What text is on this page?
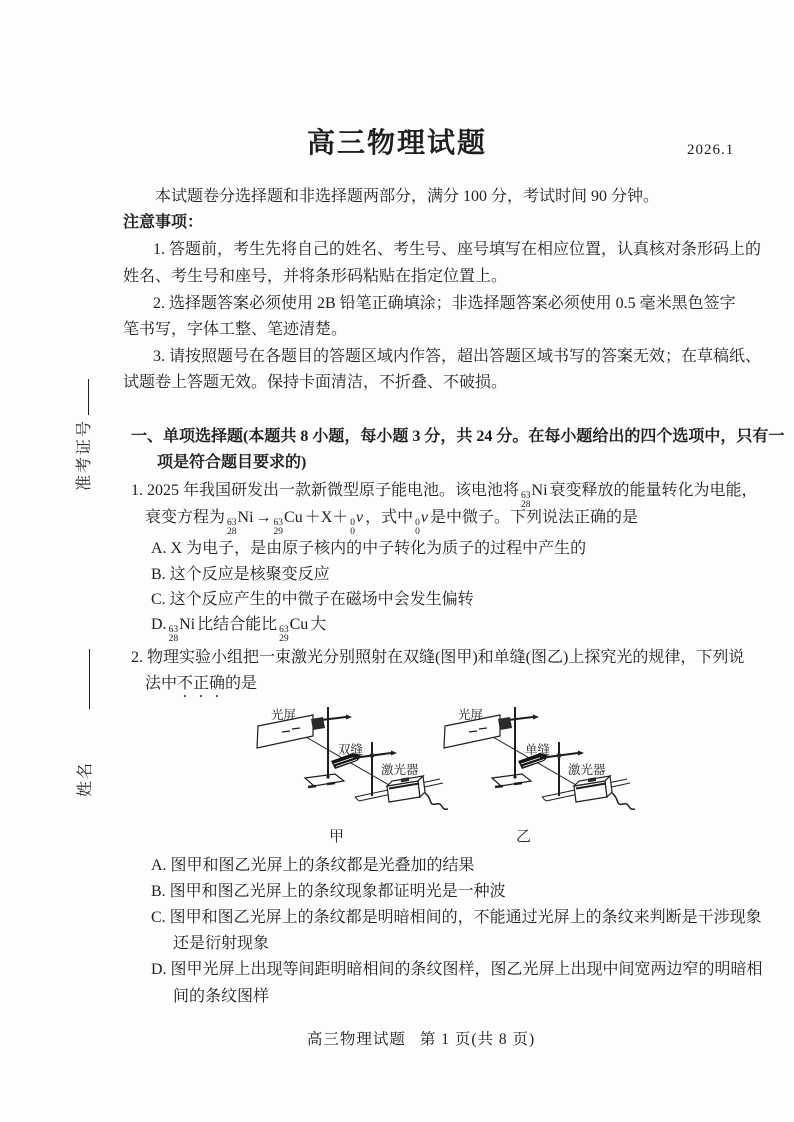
准考证号
姓名
高三物理试题	2026.1
本试题卷分选择题和非选择题两部分，满分 100 分，考试时间 90 分钟。
注意事项：
1. 答题前，考生先将自己的姓名、考生号、座号填写在相应位置，认真核对条形码上的
姓名、考生号和座号，并将条形码粘贴在指定位置上。
2. 选择题答案必须使用 2B 铅笔正确填涂；非选择题答案必须使用 0.5 毫米黑色签字
笔书写，字体工整、笔迹清楚。
3. 请按照题号在各题目的答题区域内作答，超出答题区域书写的答案无效；在草稿纸、
试题卷上答题无效。保持卡面清洁，不折叠、不破损。
一、单项选择题(本题共 8 小题，每小题 3 分，共 24 分。在每小题给出的四个选项中，只有一
项是符合题目要求的)
1. 2025 年我国研发出一款新微型原子能电池。该电池将 63
28
Ni 衰变释放的能量转化为电能，
衰变方程为 63
28
Ni → 63
29
Cu ＋X＋ 0
0
ν ，式中 0
0
ν 是中微子。下列说法正确的是
A. X 为电子，是由原子核内的中子转化为质子的过程中产生的
B. 这个反应是核聚变反应
C. 这个反应产生的中微子在磁场中会发生偏转
D. 63
28
Ni 比结合能比 63
29
Cu 大
2. 物理实验小组把一束激光分别照射在双缝(图甲)和单缝(图乙)上探究光的规律，下列说
法中不正确的是
光屏
双缝
激光器
甲
光屏
单缝
激光器
乙
A. 图甲和图乙光屏上的条纹都是光叠加的结果
B. 图甲和图乙光屏上的条纹现象都证明光是一种波
C. 图甲和图乙光屏上的条纹都是明暗相间的，不能通过光屏上的条纹来判断是干涉现象
还是衍射现象
D. 图甲光屏上出现等间距明暗相间的条纹图样，图乙光屏上出现中间宽两边窄的明暗相
间的条纹图样
高三物理试题 第 1 页(共 8 页)
